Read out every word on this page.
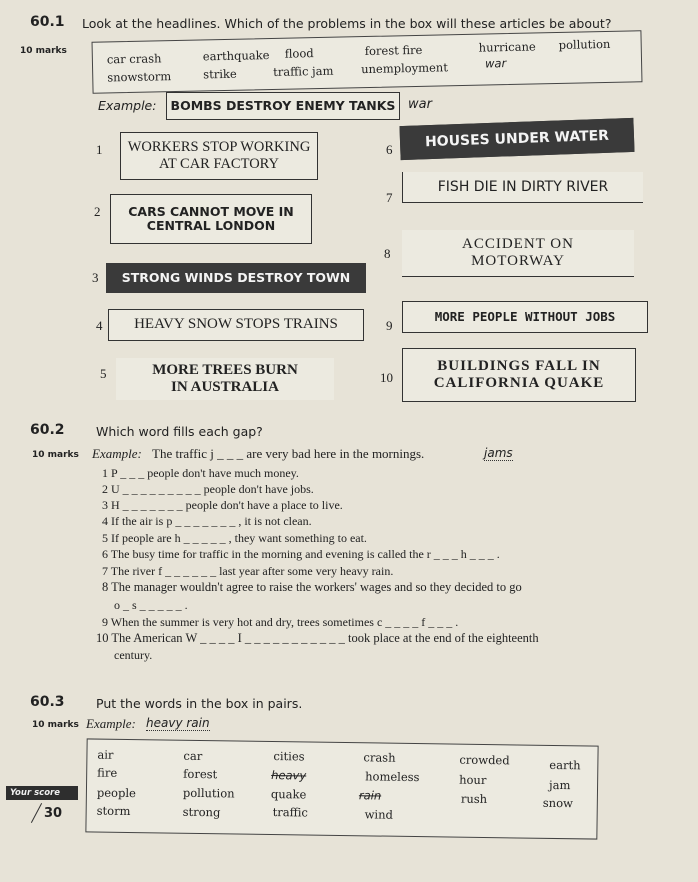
60.1 Look at the headlines. Which of the problems in the box will these articles be about?
10 marks
car crash	earthquake flood	forest fire	hurricane pollution
snowstorm	strike	traffic jam unemployment	war
Example:	BOMBS DESTROY ENEMY TANKS war
1	WORKERS STOP WORKING
AT CAR FACTORY
2	CARS CANNOT MOVE IN
CENTRAL LONDON
3	STRONG WINDS DESTROY TOWN
4	HEAVY SNOW STOPS TRAINS
5	MORE TREES BURN
IN AUSTRALIA
6	HOUSES UNDER WATER
7
FISH DIE IN DIRTY RIVER
8
ACCIDENT ON
MOTORWAY
9
MORE PEOPLE WITHOUT JOBS
10
BUILDINGS FALL IN
CALIFORNIA QUAKE
60.2	Which word fills each gap?
10 marks Example: The traffic j _ _ _ are very bad here in the mornings.	jams
1 P _ _ _ people don't have much money.
2 U _ _ _ _ _ _ _ _ _ people don't have jobs.
3 H _ _ _ _ _ _ _ people don't have a place to live.
4 If the air is p _ _ _ _ _ _ _ , it is not clean.
5 If people are h _ _ _ _ _ , they want something to eat.
6 The busy time for traffic in the morning and evening is called the r _ _ _ h _ _ _ .
7 The river f _ _ _ _ _ _ last year after some very heavy rain.
8 The manager wouldn't agree to raise the workers' wages and so they decided to go
o _ s _ _ _ _ _ .
9 When the summer is very hot and dry, trees sometimes c _ _ _ _ f _ _ _ .
10 The American W _ _ _ _ I _ _ _ _ _ _ _ _ _ _ _ took place at the end of the eighteenth
century.
60.3	Put the words in the box in pairs.
10 marks Example: heavy rain
air	car	cities	crash	crowded	earth
fire	forest	heavy	homeless	hour	jam
people	pollution	quake	rain	rush	snow
storm	strong	traffic	wind
Your score
30
